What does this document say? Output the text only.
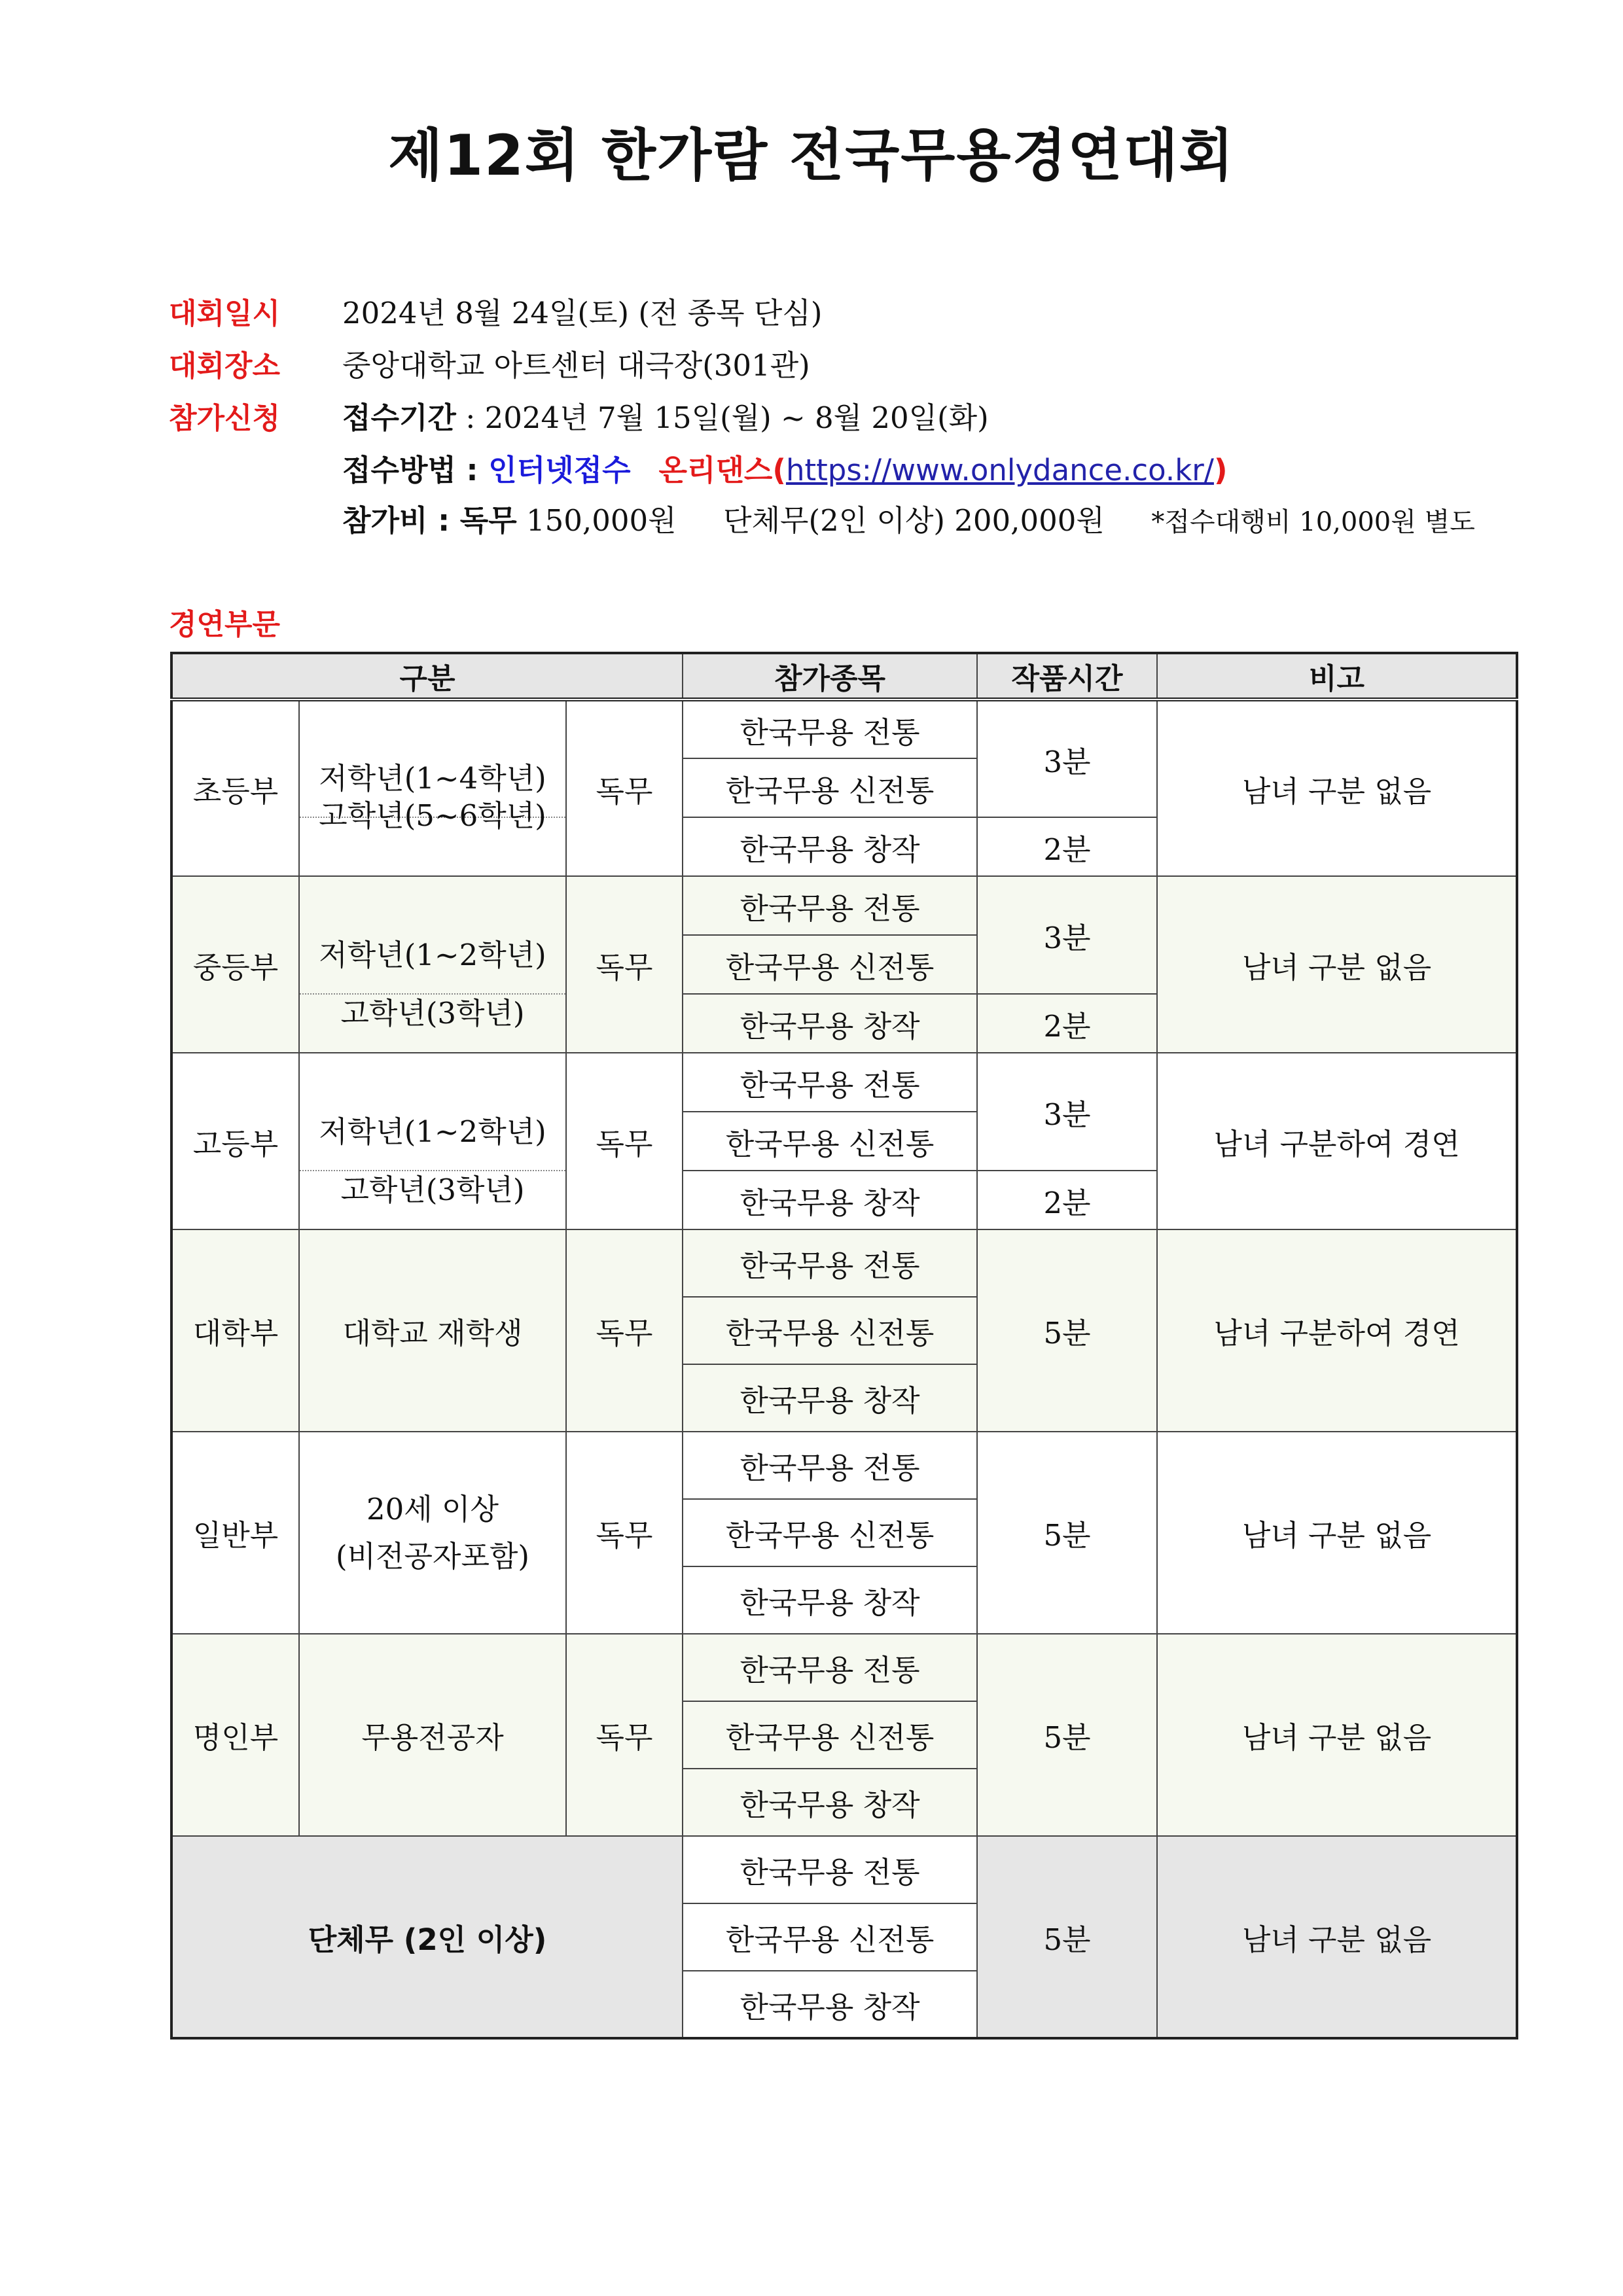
제12회 한가람 전국무용경연대회
대회일시 2024년 8월 24일(토) (전 종목 단심)
대회장소 중앙대학교 아트센터 대극장(301관)
참가신청 접수기간 : 2024년 7월 15일(월) ~ 8월 20일(화)
접수방법 : 인터넷접수 온리댄스(https://www.onlydance.co.kr/)
참가비 : 독무 150,000원 단체무(2인 이상) 200,000원 *접수대행비 10,000원 별도
경연부문
구분			참가종목	작품시간	비고
초등부	저학년(1~4학년)	독무	한국무용 전통	3분	남녀 구분 없음
			한국무용 신전통		

	고학년(5~6학년)		한국무용 창작	2분	
중등부	저학년(1~2학년)	독무	한국무용 전통	3분	남녀 구분 없음
			한국무용 신전통		

	고학년(3학년)		한국무용 창작	2분	
고등부	저학년(1~2학년)	독무	한국무용 전통	3분	남녀 구분하여 경연
			한국무용 신전통		

	고학년(3학년)		한국무용 창작	2분	
대학부	대학교 재학생	독무	한국무용 전통	5분	남녀 구분하여 경연
			한국무용 신전통		
			한국무용 창작		
일반부	20세 이상
(비전공자포함)	독무	한국무용 전통	5분	남녀 구분 없음
			한국무용 신전통		
			한국무용 창작		
명인부	무용전공자	독무	한국무용 전통	5분	남녀 구분 없음
			한국무용 신전통		
			한국무용 창작		
단체무 (2인 이상)			한국무용 전통	5분	남녀 구분 없음
			한국무용 신전통		
			한국무용 창작		
